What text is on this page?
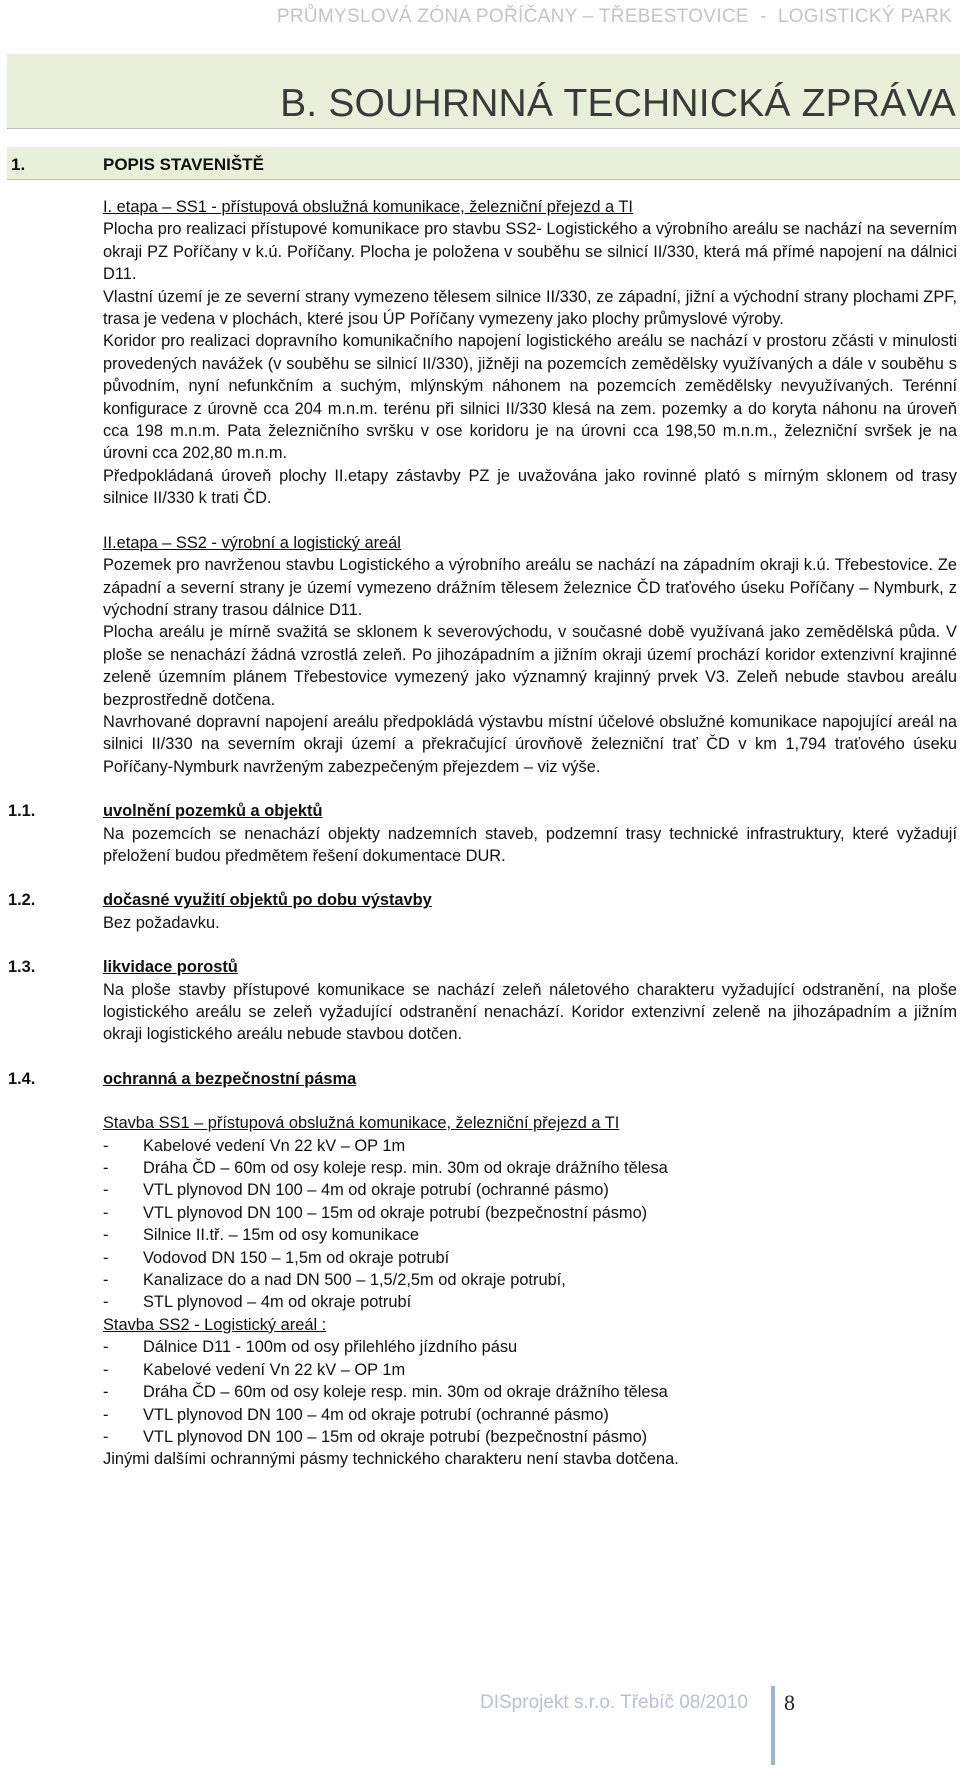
PRŮMYSLOVÁ ZÓNA POŘÍČANY – TŘEBESTOVICE  -  LOGISTICKÝ PARK
B. SOUHRNNÁ TECHNICKÁ ZPRÁVA
1.	POPIS STAVENIŠTĚ

I. etapa – SS1 - přístupová obslužná komunikace, železniční přejezd a TI

Plocha pro realizaci přístupové komunikace pro stavbu SS2- Logistického a výrobního areálu se nachází na severním okraji PZ Poříčany v k.ú. Poříčany. Plocha je položena v souběhu se silnicí II/330, která má přímé napojení na dálnici D11.

Vlastní území je ze severní strany vymezeno tělesem silnice II/330, ze západní, jižní a východní strany plochami ZPF, trasa je vedena v plochách, které jsou ÚP Poříčany vymezeny jako plochy průmyslové výroby.

Koridor pro realizaci dopravního komunikačního napojení logistického areálu se nachází v prostoru zčásti v minulosti provedených navážek (v souběhu se silnicí II/330), jižněji na pozemcích zemědělsky využívaných a dále v souběhu s původním, nyní nefunkčním a suchým, mlýnským náhonem na pozemcích zemědělsky nevyužívaných. Terénní konfigurace z úrovně cca 204 m.n.m. terénu při silnici II/330 klesá na zem. pozemky a do koryta náhonu na úroveň cca 198 m.n.m. Pata železničního svršku v ose koridoru je na úrovni cca 198,50 m.n.m., železniční svršek je na úrovni cca 202,80 m.n.m.

Předpokládaná úroveň plochy II.etapy zástavby PZ je uvažována jako rovinné plató s mírným sklonem od trasy silnice II/330 k trati ČD.

II.etapa – SS2 - výrobní a logistický areál

Pozemek pro navrženou stavbu Logistického a výrobního areálu se nachází na západním okraji k.ú. Třebestovice. Ze západní a severní strany je území vymezeno drážním tělesem železnice ČD traťového úseku Poříčany – Nymburk, z východní strany trasou dálnice D11.

Plocha areálu je mírně svažitá se sklonem k severovýchodu, v současné době využívaná jako zemědělská půda. V ploše se nenachází žádná vzrostlá zeleň. Po jihozápadním a jižním okraji území prochází koridor extenzivní krajinné zeleně územním plánem Třebestovice vymezený jako významný krajinný prvek V3. Zeleň nebude stavbou areálu bezprostředně dotčena.

Navrhované dopravní napojení areálu předpokládá výstavbu místní účelové obslužné komunikace napojující areál na silnici II/330 na severním okraji území a překračující úrovňově železniční trať ČD v km 1,794 traťového úseku Poříčany-Nymburk navrženým zabezpečeným přejezdem – viz výše.

1.1.	uvolnění pozemků a objektů

Na pozemcích se nenachází objekty nadzemních staveb, podzemní trasy technické infrastruktury, které vyžadují přeložení budou předmětem řešení dokumentace DUR.

1.2.	dočasné využití objektů po dobu výstavby

Bez požadavku.

1.3.	likvidace porostů

Na ploše stavby přístupové komunikace se nachází zeleň náletového charakteru vyžadující odstranění, na ploše logistického areálu se zeleň vyžadující odstranění nenachází. Koridor extenzivní zeleně na jihozápadním a jižním okraji logistického areálu nebude stavbou dotčen.

1.4.	ochranná a bezpečnostní pásma

Stavba SS1 – přístupová obslužná komunikace, železniční přejezd a TI

- Kabelové vedení Vn 22 kV – OP 1m
- Dráha ČD – 60m od osy koleje resp. min. 30m od okraje drážního tělesa
- VTL plynovod DN 100 – 4m od okraje potrubí (ochranné pásmo)
- VTL plynovod DN 100 – 15m od okraje potrubí (bezpečnostní pásmo)
- Silnice II.tř. – 15m od osy komunikace
- Vodovod DN 150 – 1,5m od okraje potrubí
- Kanalizace do a nad DN 500 – 1,5/2,5m od okraje potrubí,
- STL plynovod – 4m od okraje potrubí

Stavba SS2 - Logistický areál :

- Dálnice D11 - 100m od osy přilehlého jízdního pásu
- Kabelové vedení Vn 22 kV – OP 1m
- Dráha ČD – 60m od osy koleje resp. min. 30m od okraje drážního tělesa
- VTL plynovod DN 100 – 4m od okraje potrubí (ochranné pásmo)
- VTL plynovod DN 100 – 15m od okraje potrubí (bezpečnostní pásmo)

Jinými dalšími ochrannými pásmy technického charakteru není stavba dotčena.

DISprojekt s.r.o. Třebíč 08/2010 8
